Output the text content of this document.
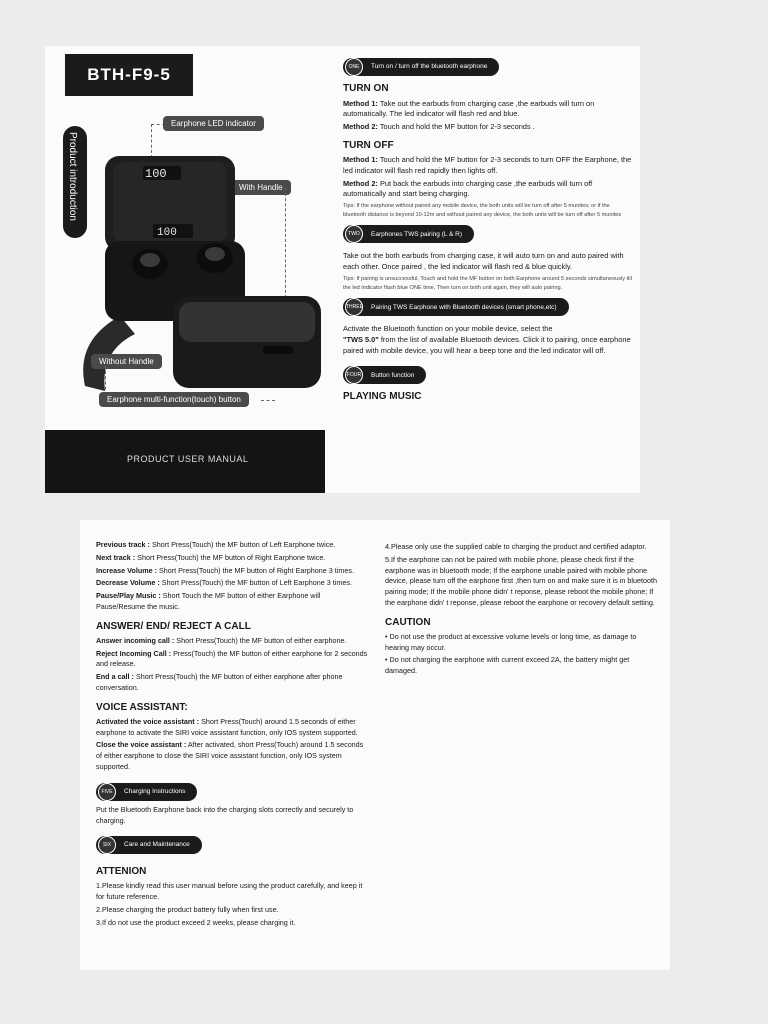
BTH-F9-5
Product introduction
Earphone LED indicator
With Handle
100
100
Without Handle
Earphone multi-function(touch) button
PRODUCT USER MANUAL
ONE	Turn on / turn off the bluetooth earphone
TURN ON

Method 1: Take out the earbuds from charging case ,the earbuds will turn on automatically. The led indicator will flash red and blue.

Method 2: Touch and hold the MF button for 2-3 seconds .

TURN OFF

Method 1: Touch and hold the MF button for 2-3 seconds to turn OFF the Earphone, the led indicator will flash red rapidly then lights off.

Method 2: Put back the earbuds into charging case ,the earbuds will turn off automatically and start being charging.

Tips: If the earphone without paired any mobile device, the both units will be turn off after 5 munites; or if the bluetooth distance is beyond 10-12m and without paired any device, the both units will be turn off after 5 munites

TWO	Earphones TWS pairing (L & R)

Take out the both earbuds from charging case, it will auto turn on and auto paired with each other. Once paired , the led indicator will flash red & blue quickly.

Tips: If pairing is unsuccessful, Touch and hold the MF button on both Earphone around 5 seconds simultaneously till the led indicator flash blue ONE time, Then turn on both unit again, they will auto pairing.

THREE Pairing TWS Earphone with Bluetooth devices (smart phone,etc)

Activate the Bluetooth function on your mobile device, select the
"TWS 5.0" from the list of available Bluetooth devices. Click it to pairing, once earphone paired with mobile device, you will hear a beep tone and the led indicator will off.

FOUR Button function
PLAYING MUSIC

Previous track : Short Press(Touch) the MF button of Left Earphone twice.

Next track : Short Press(Touch) the MF button of Right Earphone twice.

Increase Volume : Short Press(Touch) the MF button of Right Earphone 3 times.

Decrease Volume : Short Press(Touch) the MF button of Left Earphone 3 times.

Pause/Play Music : Short Touch the MF button of either Earphone will Pause/Resume the music.

ANSWER/ END/ REJECT A CALL

Answer incoming call : Short Press(Touch) the MF button of either earphone.

Reject Incoming Call : Press(Touch) the MF button of either earphone for 2 seconds and release.

End a call : Short Press(Touch) the MF button of either earphone after phone conversation.

VOICE ASSISTANT:

Activated the voice assistant : Short Press(Touch) around 1.5 seconds of either earphone to activate the SIRI voice assistant function, only IOS system supported.

Close the voice assistant : After activated, short Press(Touch) around 1.5 seconds of either earphone to close the SIRI voice assistant function, only IOS system supported.

FIVE	Charging Instructions

Put the Bluetooth Earphone back into the charging slots correctly and securely to charging.

SIX	Care and Maintenance
ATTENION

1.Please kindly read this user manual before using the product carefully, and keep it for future reference.

2.Please charging the product battery fully when first use.

3.If do not use the product exceed 2 weeks, please charging it.

4.Please only use the supplied cable to charging the product and certified adaptor.

5.If the earphone can not be paired with mobile phone, please check first if the earphone was in bluetooth mode; If the earphone unable paired with mobile phone device, please turn off the earphone first ,then turn on and make sure it is in bluetooth pairing mode; If the mobile phone didn' t reponse, please reboot the mobile phone; If the earphone didn' t reponse, please reboot the earphone or recovery default setting.

CAUTION

• Do not use the product at excessive volume levels or long time, as damage to hearing may occur.

• Do not charging the earphone with current exceed 2A, the battery might get damaged.
